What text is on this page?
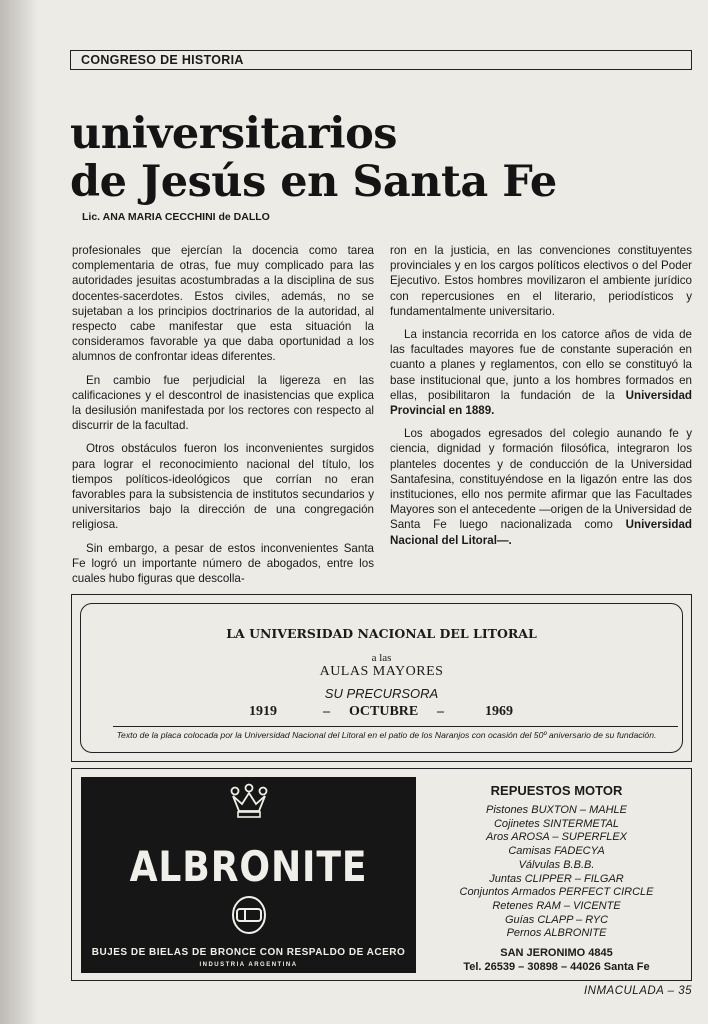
CONGRESO DE HISTORIA
universitarios
de Jesús en Santa Fe
Lic. ANA MARIA CECCHINI de DALLO

profesionales que ejercían la docencia como tarea complementaria de otras, fue muy complicado para las autoridades jesuitas acostumbradas a la disciplina de sus docentes-sacerdotes. Estos civiles, además, no se sujetaban a los principios doctrinarios de la autoridad, al respecto cabe manifestar que esta situación la consideramos favorable ya que daba oportunidad a los alumnos de confrontar ideas diferentes.

En cambio fue perjudicial la ligereza en las calificaciones y el descontrol de inasistencias que explica la desilusión manifestada por los rectores con respecto al discurrir de la facultad.

Otros obstáculos fueron los inconvenientes surgidos para lograr el reconocimiento nacional del título, los tiempos políticos-ideológicos que corrían no eran favorables para la subsistencia de institutos secundarios y universitarios bajo la dirección de una congregación religiosa.

Sin embargo, a pesar de estos inconvenientes Santa Fe logró un importante número de abogados, entre los cuales hubo figuras que descolla-

ron en la justicia, en las convenciones constituyentes provinciales y en los cargos políticos electivos o del Poder Ejecutivo. Estos hombres movilizaron el ambiente jurídico con repercusiones en el literario, periodísticos y fundamentalmente universitario.

La instancia recorrida en los catorce años de vida de las facultades mayores fue de constante superación en cuanto a planes y reglamentos, con ello se constituyó la base institucional que, junto a los hombres formados en ellas, posibilitaron la fundación de la Universidad Provincial en 1889.

Los abogados egresados del colegio aunando fe y ciencia, dignidad y formación filosófica, integraron los planteles docentes y de conducción de la Universidad Santafesina, constituyéndose en la ligazón entre las dos instituciones, ello nos permite afirmar que las Facultades Mayores son el antecedente —origen de la Universidad de Santa Fe luego nacionalizada como Universidad Nacional del Litoral—.

LA UNIVERSIDAD NACIONAL DEL LITORAL
a las
AULAS MAYORES
SU PRECURSORA
1919	– OCTUBRE –	1969
Texto de la placa colocada por la Universidad Nacional del Litoral en el patio de los Naranjos con ocasión del 50º aniversario de su fundación.
ALBRONITE
BUJES DE BIELAS DE BRONCE CON RESPALDO DE ACERO
INDUSTRIA ARGENTINA
REPUESTOS MOTOR
Pistones BUXTON – MAHLE
Cojinetes SINTERMETAL
Aros AROSA – SUPERFLEX
Camisas FADECYA
Válvulas B.B.B.
Juntas CLIPPER – FILGAR
Conjuntos Armados PERFECT CIRCLE
Retenes RAM – VICENTE
Guías CLAPP – RYC
Pernos ALBRONITE
SAN JERONIMO 4845
Tel. 26539 – 30898 – 44026 Santa Fe
INMACULADA – 35
